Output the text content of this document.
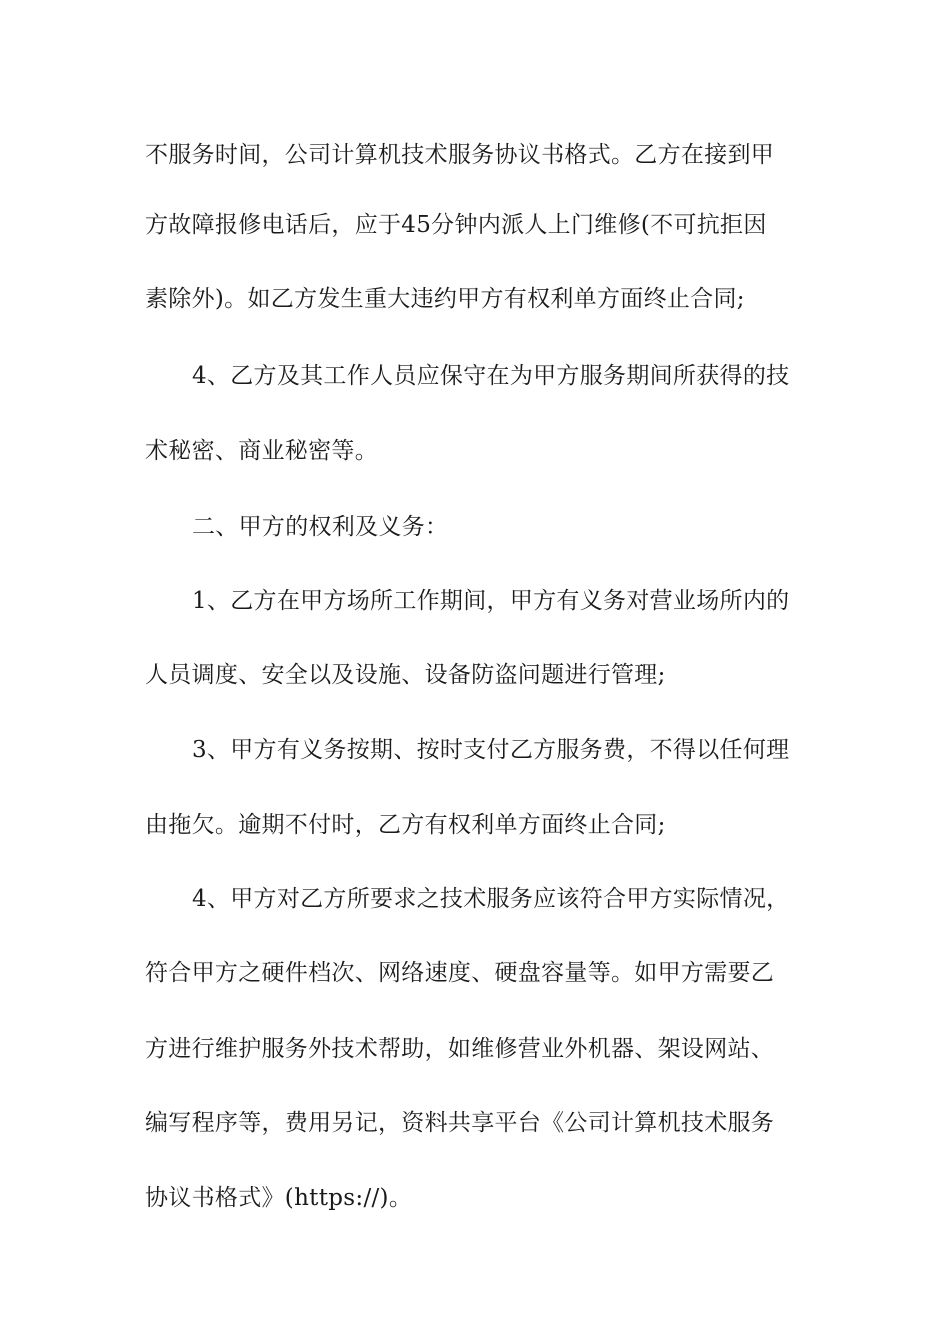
不服务时间，公司计算机技术服务协议书格式。乙方在接到甲
方故障报修电话后，应于45分钟内派人上门维修(不可抗拒因
素除外)。如乙方发生重大违约甲方有权利单方面终止合同;
4、乙方及其工作人员应保守在为甲方服务期间所获得的技
术秘密、商业秘密等。
二、甲方的权利及义务：
1、乙方在甲方场所工作期间，甲方有义务对营业场所内的
人员调度、安全以及设施、设备防盗问题进行管理;
3、甲方有义务按期、按时支付乙方服务费，不得以任何理
由拖欠。逾期不付时，乙方有权利单方面终止合同;
4、甲方对乙方所要求之技术服务应该符合甲方实际情况，
符合甲方之硬件档次、网络速度、硬盘容量等。如甲方需要乙
方进行维护服务外技术帮助，如维修营业外机器、架设网站、
编写程序等，费用另记，资料共享平台《公司计算机技术服务
协议书格式》(https://)。
